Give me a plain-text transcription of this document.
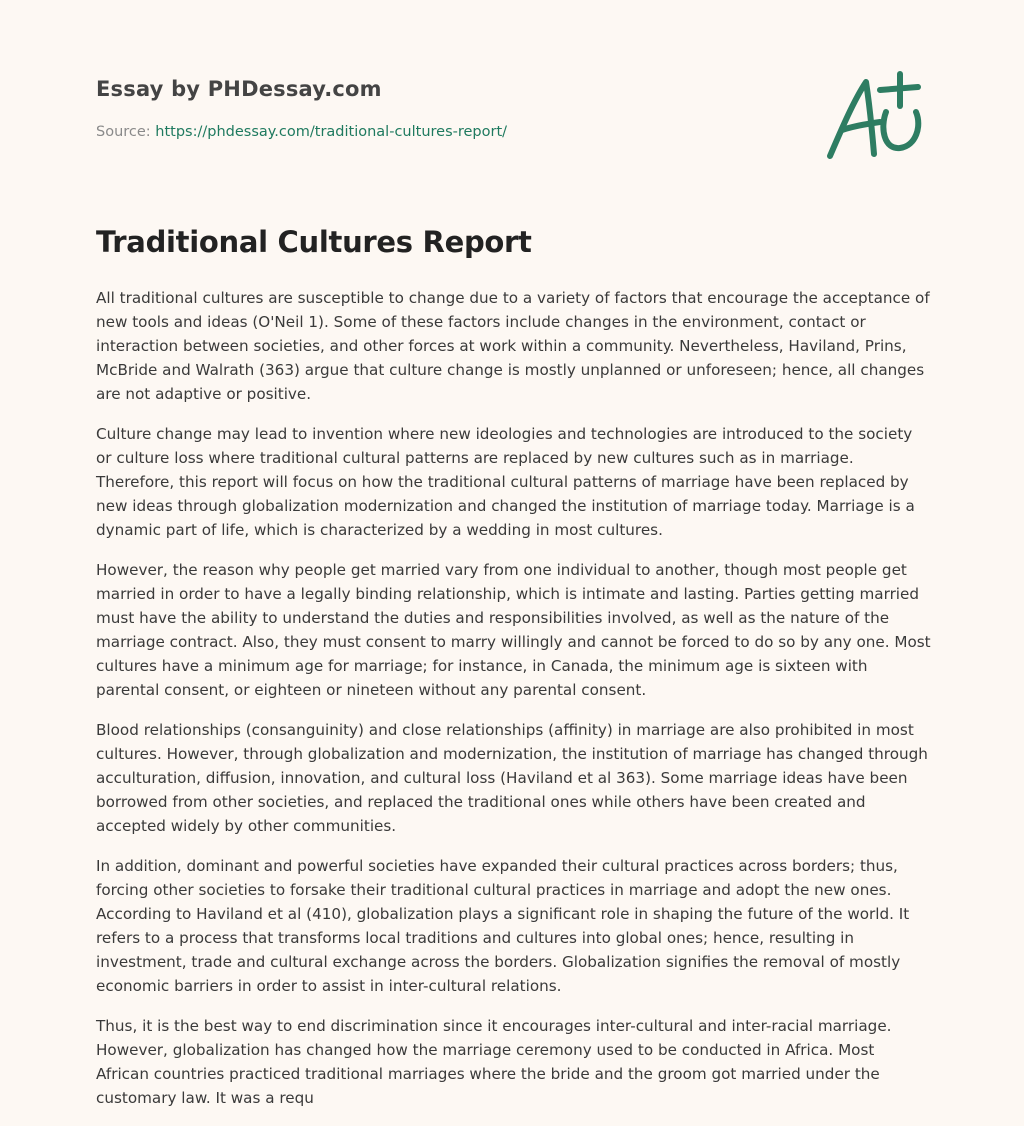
Essay by PHDessay.com
Source: https://phdessay.com/traditional-cultures-report/
Traditional Cultures Report

All traditional cultures are susceptible to change due to a variety of factors that encourage the acceptance of new tools and ideas (O'Neil 1). Some of these factors include changes in the environment, contact or interaction between societies, and other forces at work within a community. Nevertheless, Haviland, Prins, McBride and Walrath (363) argue that culture change is mostly unplanned or unforeseen; hence, all changes are not adaptive or positive.

Culture change may lead to invention where new ideologies and technologies are introduced to the society or culture loss where traditional cultural patterns are replaced by new cultures such as in marriage. Therefore, this report will focus on how the traditional cultural patterns of marriage have been replaced by new ideas through globalization modernization and changed the institution of marriage today. Marriage is a dynamic part of life, which is characterized by a wedding in most cultures.

However, the reason why people get married vary from one individual to another, though most people get married in order to have a legally binding relationship, which is intimate and lasting. Parties getting married must have the ability to understand the duties and responsibilities involved, as well as the nature of the marriage contract. Also, they must consent to marry willingly and cannot be forced to do so by any one. Most cultures have a minimum age for marriage; for instance, in Canada, the minimum age is sixteen with parental consent, or eighteen or nineteen without any parental consent.

Blood relationships (consanguinity) and close relationships (affinity) in marriage are also prohibited in most cultures. However, through globalization and modernization, the institution of marriage has changed through acculturation, diffusion, innovation, and cultural loss (Haviland et al 363). Some marriage ideas have been borrowed from other societies, and replaced the traditional ones while others have been created and accepted widely by other communities.

In addition, dominant and powerful societies have expanded their cultural practices across borders; thus, forcing other societies to forsake their traditional cultural practices in marriage and adopt the new ones. According to Haviland et al (410), globalization plays a significant role in shaping the future of the world. It refers to a process that transforms local traditions and cultures into global ones; hence, resulting in investment, trade and cultural exchange across the borders. Globalization signifies the removal of mostly economic barriers in order to assist in inter-cultural relations.

Thus, it is the best way to end discrimination since it encourages inter-cultural and inter-racial marriage. However, globalization has changed how the marriage ceremony used to be conducted in Africa. Most African countries practiced traditional marriages where the bride and the groom got married under the customary law. It was a requ
